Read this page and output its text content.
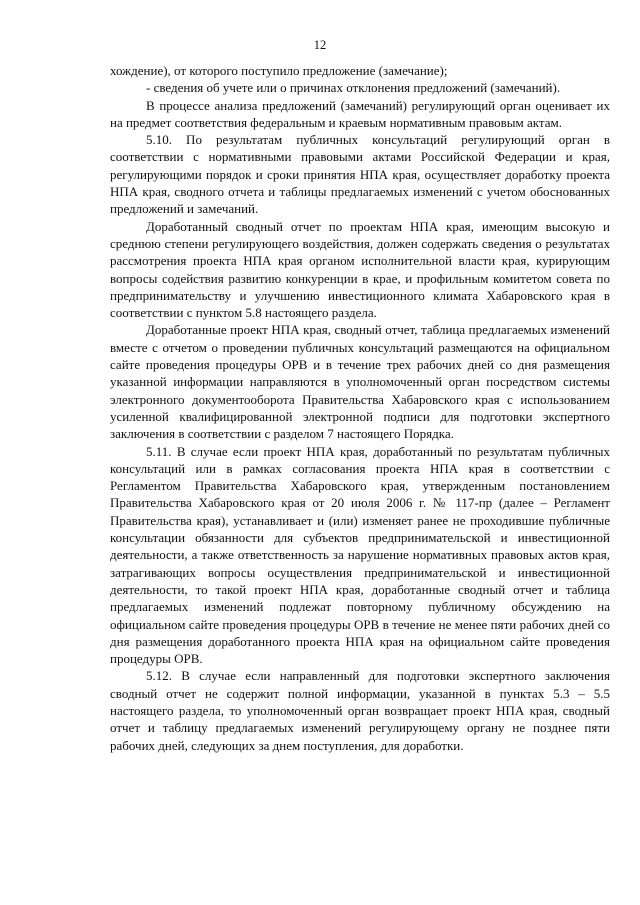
12

хождение), от которого поступило предложение (замечание);

- сведения об учете или о причинах отклонения предложений (замечаний).

В процессе анализа предложений (замечаний) регулирующий орган оценивает их на предмет соответствия федеральным и краевым нормативным правовым актам.

5.10. По результатам публичных консультаций регулирующий орган в соответствии с нормативными правовыми актами Российской Федерации и края, регулирующими порядок и сроки принятия НПА края, осуществляет доработку проекта НПА края, сводного отчета и таблицы предлагаемых изменений с учетом обоснованных предложений и замечаний.

Доработанный сводный отчет по проектам НПА края, имеющим высокую и среднюю степени регулирующего воздействия, должен содержать сведения о результатах рассмотрения проекта НПА края органом исполнительной власти края, курирующим вопросы содействия развитию конкуренции в крае, и профильным комитетом совета по предпринимательству и улучшению инвестиционного климата Хабаровского края в соответствии с пунктом 5.8 настоящего раздела.

Доработанные проект НПА края, сводный отчет, таблица предлагаемых изменений вместе с отчетом о проведении публичных консультаций размещаются на официальном сайте проведения процедуры ОРВ и в течение трех рабочих дней со дня размещения указанной информации направляются в уполномоченный орган посредством системы электронного документооборота Правительства Хабаровского края с использованием усиленной квалифицированной электронной подписи для подготовки экспертного заключения в соответствии с разделом 7 настоящего Порядка.

5.11. В случае если проект НПА края, доработанный по результатам публичных консультаций или в рамках согласования проекта НПА края в соответствии с Регламентом Правительства Хабаровского края, утвержденным постановлением Правительства Хабаровского края от 20 июля 2006 г. № 117-пр (далее – Регламент Правительства края), устанавливает и (или) изменяет ранее не проходившие публичные консультации обязанности для субъектов предпринимательской и инвестиционной деятельности, а также ответственность за нарушение нормативных правовых актов края, затрагивающих вопросы осуществления предпринимательской и инвестиционной деятельности, то такой проект НПА края, доработанные сводный отчет и таблица предлагаемых изменений подлежат повторному публичному обсуждению на официальном сайте проведения процедуры ОРВ в течение не менее пяти рабочих дней со дня размещения доработанного проекта НПА края на официальном сайте проведения процедуры ОРВ.

5.12. В случае если направленный для подготовки экспертного заключения сводный отчет не содержит полной информации, указанной в пунктах 5.3 – 5.5 настоящего раздела, то уполномоченный орган возвращает проект НПА края, сводный отчет и таблицу предлагаемых изменений регулирующему органу не позднее пяти рабочих дней, следующих за днем поступления, для доработки.
